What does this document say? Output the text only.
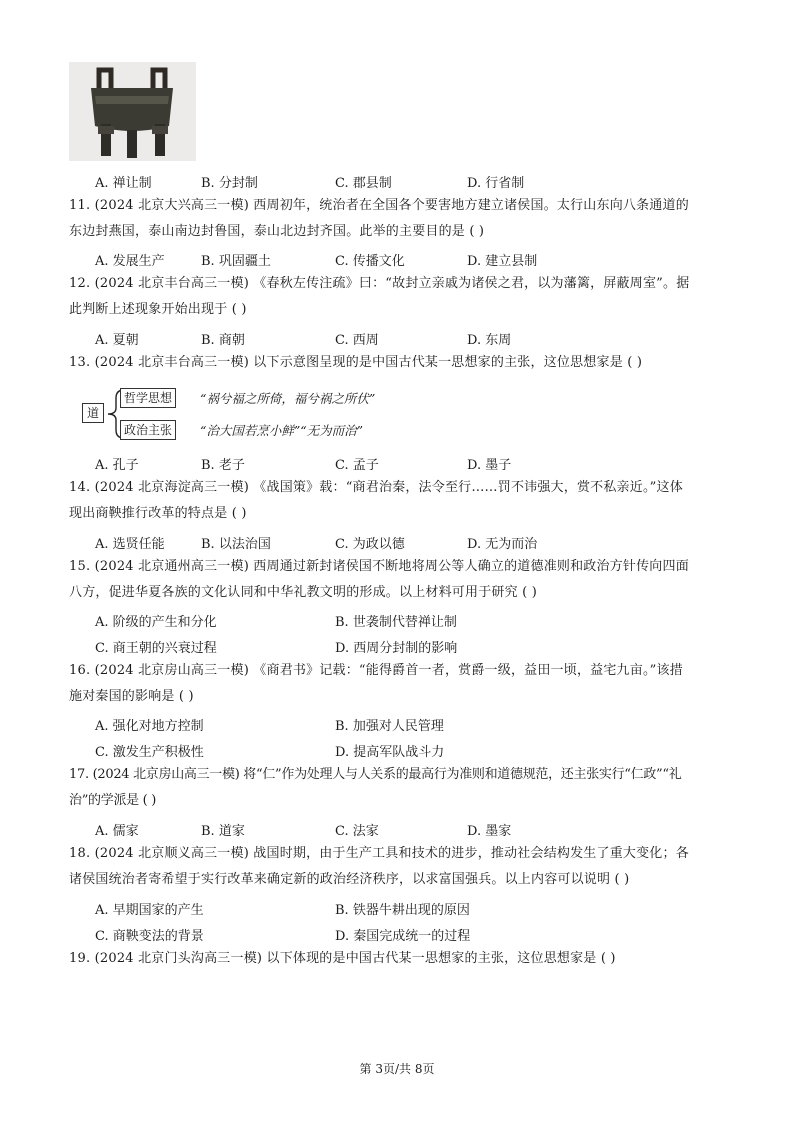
A. 禅让制	B. 分封制	C. 郡县制	D. 行省制
11. (2024 北京大兴高三一模) 西周初年，统治者在全国各个要害地方建立诸侯国。太行山东向八条通道的
东边封燕国，泰山南边封鲁国，泰山北边封齐国。此举的主要目的是 ( )
A. 发展生产	B. 巩固疆土	C. 传播文化	D. 建立县制
12. (2024 北京丰台高三一模) 《春秋左传注疏》曰：“故封立亲戚为诸侯之君，以为藩篱，屏蔽周室”。据
此判断上述现象开始出现于 ( )
A. 夏朝	B. 商朝	C. 西周	D. 东周
13. (2024 北京丰台高三一模) 以下示意图呈现的是中国古代某一思想家的主张，这位思想家是 ( )
道
哲学思想	“祸兮福之所倚，福兮祸之所伏”
政治主张	“治大国若烹小鲜”“无为而治”
A. 孔子	B. 老子	C. 孟子	D. 墨子
14. (2024 北京海淀高三一模) 《战国策》载：“商君治秦，法令至行……罚不讳强大，赏不私亲近。”这体
现出商鞅推行改革的特点是 ( )
A. 选贤任能	B. 以法治国	C. 为政以德	D. 无为而治
15. (2024 北京通州高三一模) 西周通过新封诸侯国不断地将周公等人确立的道德准则和政治方针传向四面
八方，促进华夏各族的文化认同和中华礼教文明的形成。以上材料可用于研究 ( )
A. 阶级的产生和分化	B. 世袭制代替禅让制
C. 商王朝的兴衰过程	D. 西周分封制的影响
16. (2024 北京房山高三一模) 《商君书》记载：“能得爵首一者，赏爵一级，益田一顷，益宅九亩。”该措
施对秦国的影响是 ( )
A. 强化对地方控制	B. 加强对人民管理
C. 激发生产积极性	D. 提高军队战斗力
17. (2024 北京房山高三一模) 将“仁”作为处理人与人关系的最高行为准则和道德规范，还主张实行“仁政”“礼
治”的学派是 ( )
A. 儒家	B. 道家	C. 法家	D. 墨家
18. (2024 北京顺义高三一模) 战国时期，由于生产工具和技术的进步，推动社会结构发生了重大变化；各
诸侯国统治者寄希望于实行改革来确定新的政治经济秩序，以求富国强兵。以上内容可以说明 ( )
A. 早期国家的产生	B. 铁器牛耕出现的原因
C. 商鞅变法的背景	D. 秦国完成统一的过程
19. (2024 北京门头沟高三一模) 以下体现的是中国古代某一思想家的主张，这位思想家是 ( )
第 3页/共 8页
